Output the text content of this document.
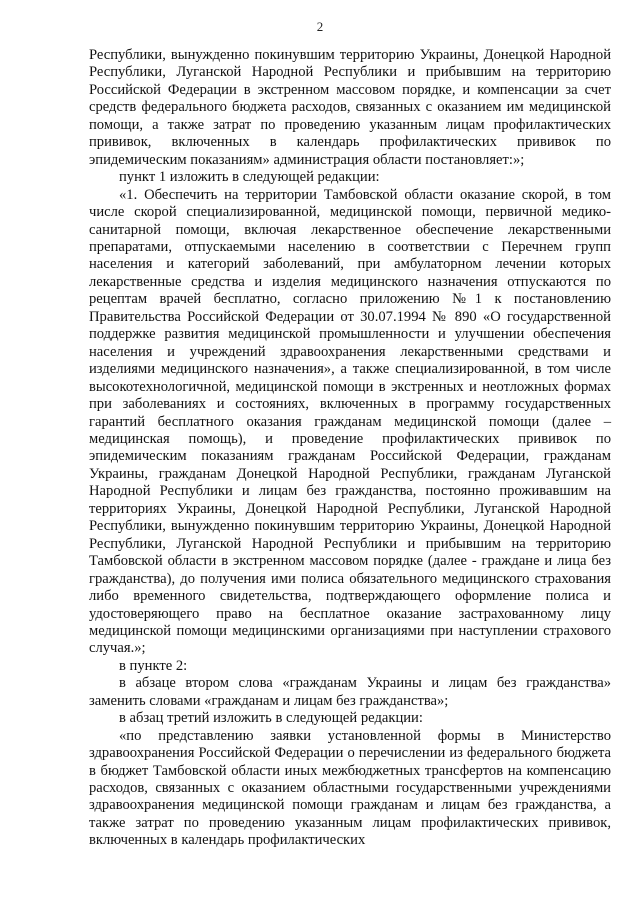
2

Республики, вынужденно покинувшим территорию Украины, Донецкой Народной Республики, Луганской Народной Республики и прибывшим на территорию Российской Федерации в экстренном массовом порядке, и компенсации за счет средств федерального бюджета расходов, связанных с оказанием им медицинской помощи, а также затрат по проведению указанным лицам профилактических прививок, включенных в календарь профилактических прививок по эпидемическим показаниям» администрация области постановляет:»;

пункт 1 изложить в следующей редакции:

«1. Обеспечить на территории Тамбовской области оказание скорой, в том числе скорой специализированной, медицинской помощи, первичной медико-санитарной помощи, включая лекарственное обеспечение лекарственными препаратами, отпускаемыми населению в соответствии с Перечнем групп населения и категорий заболеваний, при амбулаторном лечении которых лекарственные средства и изделия медицинского назначения отпускаются по рецептам врачей бесплатно, согласно приложению №1 к постановлению Правительства Российской Федерации от 30.07.1994 № 890 «О государственной поддержке развития медицинской промышленности и улучшении обеспечения населения и учреждений здравоохранения лекарственными средствами и изделиями медицинского назначения», а также специализированной, в том числе высокотехнологичной, медицинской помощи в экстренных и неотложных формах при заболеваниях и состояниях, включенных в программу государственных гарантий бесплатного оказания гражданам медицинской помощи (далее – медицинская помощь), и проведение профилактических прививок по эпидемическим показаниям гражданам Российской Федерации, гражданам Украины, гражданам Донецкой Народной Республики, гражданам Луганской Народной Республики и лицам без гражданства, постоянно проживавшим на территориях Украины, Донецкой Народной Республики, Луганской Народной Республики, вынужденно покинувшим территорию Украины, Донецкой Народной Республики, Луганской Народной Республики и прибывшим на территорию Тамбовской области в экстренном массовом порядке (далее - граждане и лица без гражданства), до получения ими полиса обязательного медицинского страхования либо временного свидетельства, подтверждающего оформление полиса и удостоверяющего право на бесплатное оказание застрахованному лицу медицинской помощи медицинскими организациями при наступлении страхового случая.»;

в пункте 2:

в абзаце втором слова «гражданам Украины и лицам без гражданства» заменить словами «гражданам и лицам без гражданства»;

в абзац третий изложить в следующей редакции:

«по представлению заявки установленной формы в Министерство здравоохранения Российской Федерации о перечислении из федерального бюджета в бюджет Тамбовской области иных межбюджетных трансфертов на компенсацию расходов, связанных с оказанием областными государственными учреждениями здравоохранения медицинской помощи гражданам и лицам без гражданства, а также затрат по проведению указанным лицам профилактических прививок, включенных в календарь профилактических
